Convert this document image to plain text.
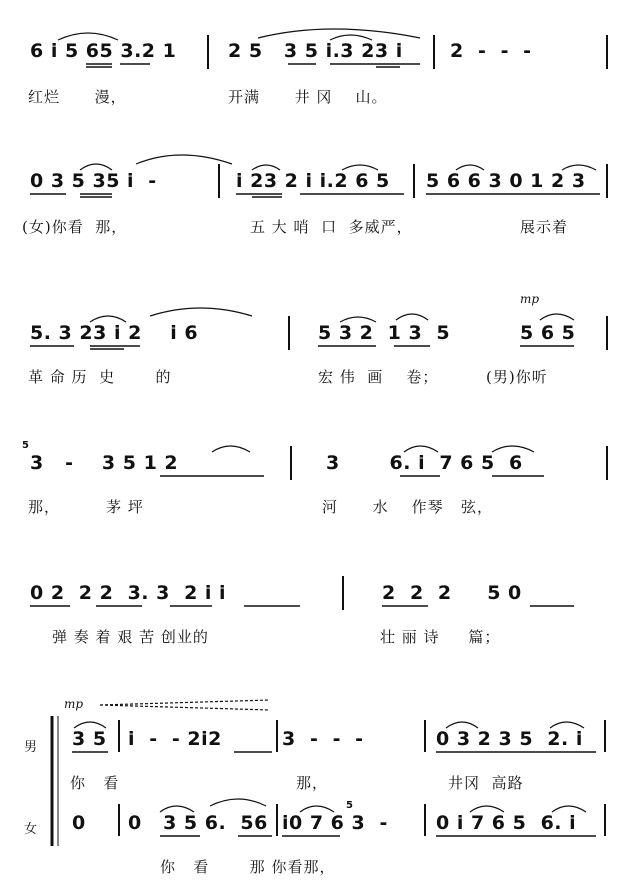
6 i 5 65 3.2 1	2 5   3 5 i.3 23 i 2  -  -  -
红烂      漫，	开满      井 冈    山。
0 3 5 35 i  -	i 23 2 i i.2 6 5 5 6 6 3 0 1 2 3
(女)你看  那，	五 大 哨  口  多威严，	展示着
mp
5. 3 23 i 2    i 6	5 3 2  1 3  5	5 6 5
革 命 历  史       的	宏 伟  画    卷；	(男)你听
5
3   -    3 5 1 2	3       6. i  7 6 5  6
那，        茅 坪	河      水    作琴   弦，
0 2  2 2  3. 3  2 i i	2  2  2     5 0
弹 奏 着 艰 苦 创业的	壮 丽 诗     篇；
mp
男
女
3 5 i  -  - 2i2	3  -  -  -	0 3 2 3 5  2. i
你   看	那，	井冈  高路
5
0 0   3 5 6.  56 i0 7 6 3  -	0 i 7 6 5  6. i
你   看       那 你看那，
